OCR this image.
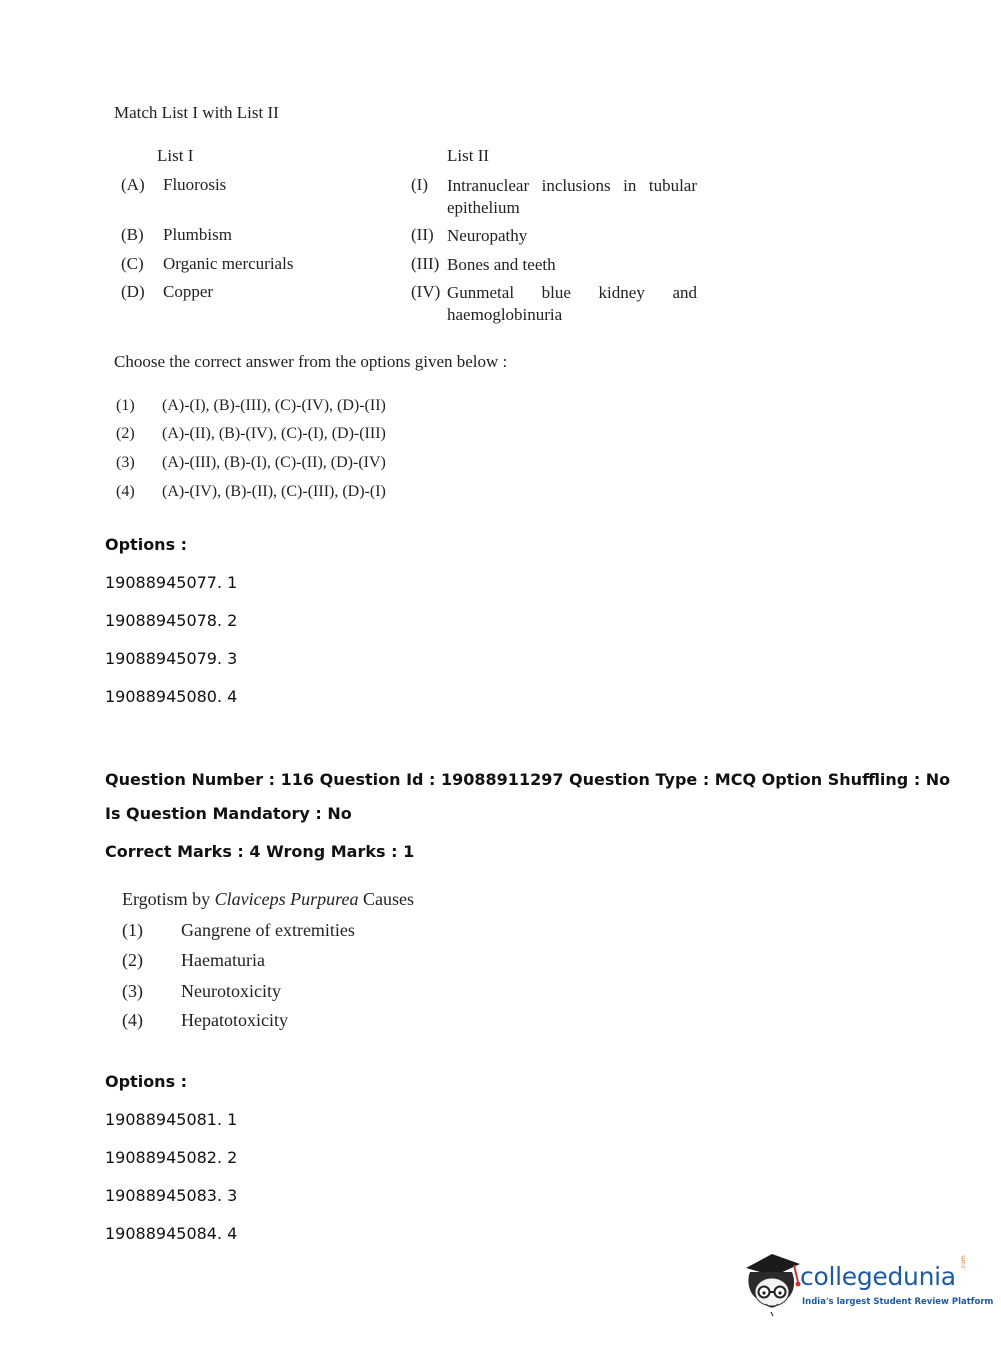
Match List I with List II
List I	List II
(A) Fluorosis
(B) Plumbism
(C) Organic mercurials
(D) Copper
(I) Intranuclear inclusions in tubular epithelium
(II) Neuropathy
(III) Bones and teeth
(IV) Gunmetal blue kidney and haemoglobinuria
Choose the correct answer from the options given below :
(1) (A)-(I), (B)-(III), (C)-(IV), (D)-(II)
(2) (A)-(II), (B)-(IV), (C)-(I), (D)-(III)
(3) (A)-(III), (B)-(I), (C)-(II), (D)-(IV)
(4) (A)-(IV), (B)-(II), (C)-(III), (D)-(I)
Options :
19088945077. 1
19088945078. 2
19088945079. 3
19088945080. 4
Question Number : 116 Question Id : 19088911297 Question Type : MCQ Option Shuffling : No
Is Question Mandatory : No
Correct Marks : 4 Wrong Marks : 1
Ergotism by Claviceps Purpurea Causes
(1) Gangrene of extremities
(2) Haematuria
(3) Neurotoxicity
(4) Hepatotoxicity
Options :
19088945081. 1
19088945082. 2
19088945083. 3
19088945084. 4
collegedunia .com
India's largest Student Review Platform
